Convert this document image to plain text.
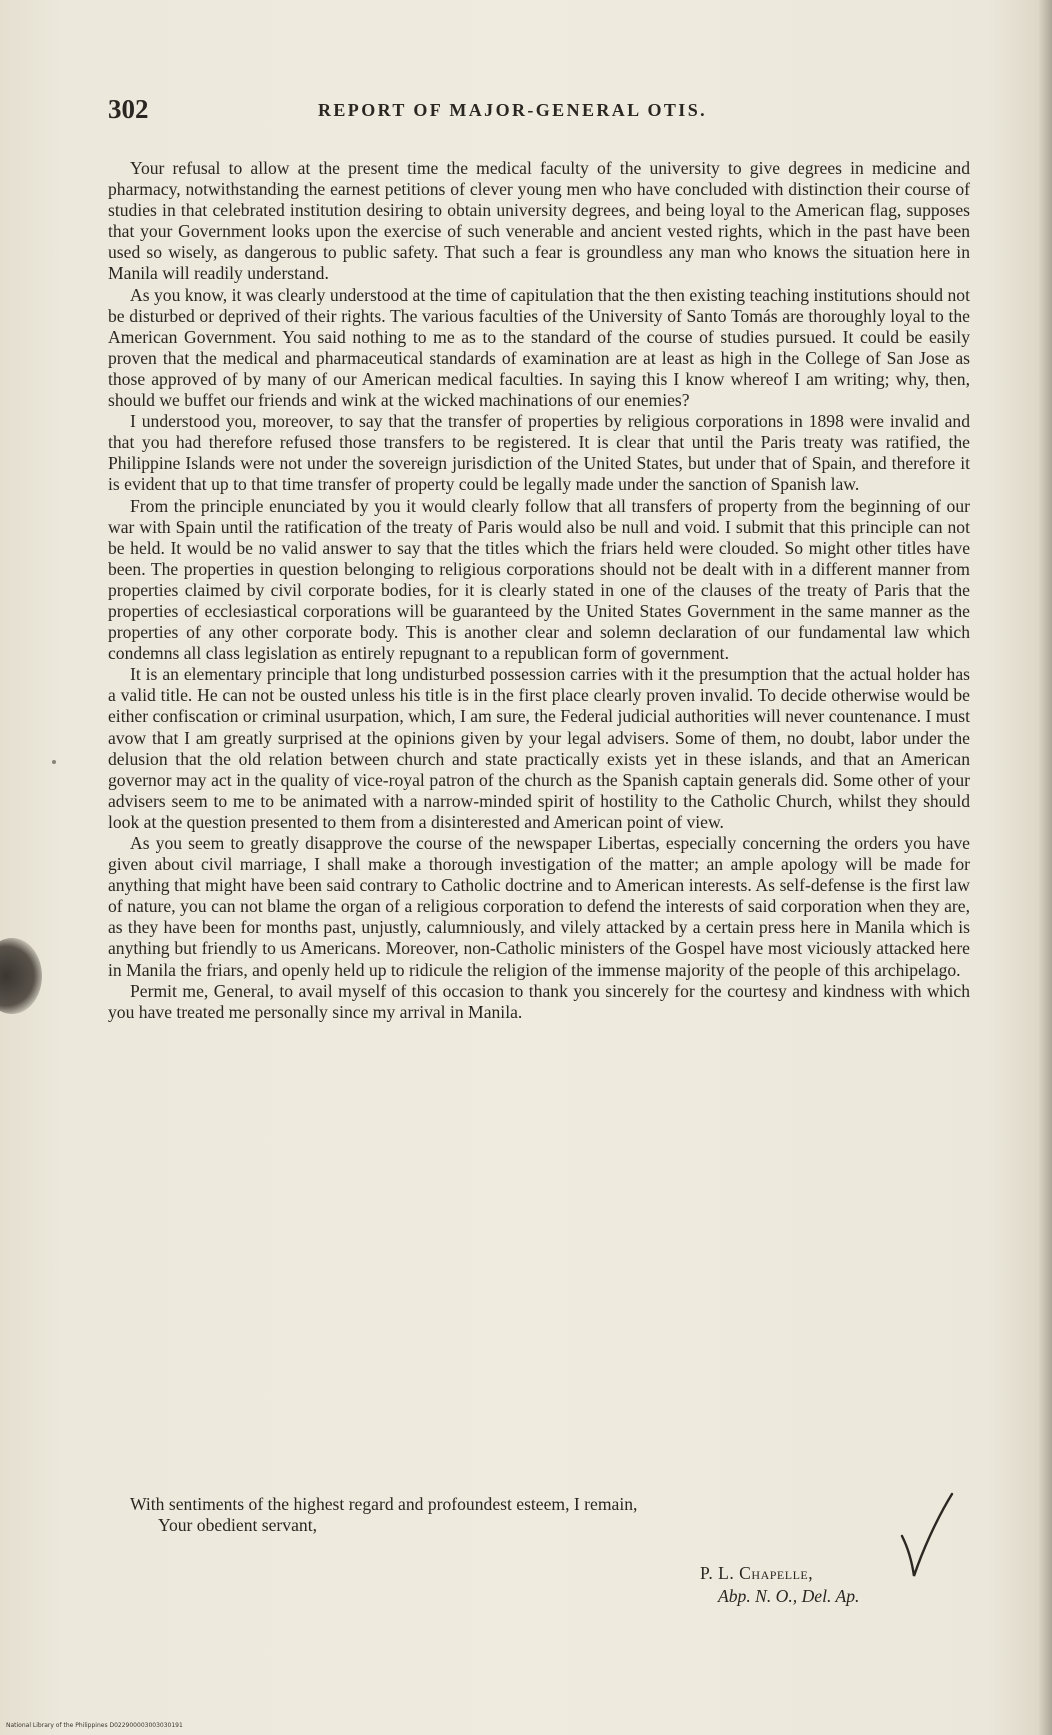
302	REPORT OF MAJOR-GENERAL OTIS.

Your refusal to allow at the present time the medical faculty of the university to give degrees in medicine and pharmacy, notwithstanding the earnest petitions of clever young men who have concluded with distinction their course of studies in that celebrated institution desiring to obtain university degrees, and being loyal to the American flag, supposes that your Government looks upon the exercise of such venerable and ancient vested rights, which in the past have been used so wisely, as dangerous to public safety. That such a fear is groundless any man who knows the situation here in Manila will readily understand.

As you know, it was clearly understood at the time of capitulation that the then existing teaching institutions should not be disturbed or deprived of their rights. The various faculties of the University of Santo Tomás are thoroughly loyal to the American Government. You said nothing to me as to the standard of the course of studies pursued. It could be easily proven that the medical and pharmaceutical standards of examination are at least as high in the College of San Jose as those approved of by many of our American medical faculties. In saying this I know whereof I am writing; why, then, should we buffet our friends and wink at the wicked machinations of our enemies?

I understood you, moreover, to say that the transfer of properties by religious corporations in 1898 were invalid and that you had therefore refused those transfers to be registered. It is clear that until the Paris treaty was ratified, the Philippine Islands were not under the sovereign jurisdiction of the United States, but under that of Spain, and therefore it is evident that up to that time transfer of property could be legally made under the sanction of Spanish law.

From the principle enunciated by you it would clearly follow that all transfers of property from the beginning of our war with Spain until the ratification of the treaty of Paris would also be null and void. I submit that this principle can not be held. It would be no valid answer to say that the titles which the friars held were clouded. So might other titles have been. The properties in question belonging to religious corporations should not be dealt with in a different manner from properties claimed by civil corporate bodies, for it is clearly stated in one of the clauses of the treaty of Paris that the properties of ecclesiastical corporations will be guaranteed by the United States Government in the same manner as the properties of any other corporate body. This is another clear and solemn declaration of our fundamental law which condemns all class legislation as entirely repugnant to a republican form of government.

It is an elementary principle that long undisturbed possession carries with it the presumption that the actual holder has a valid title. He can not be ousted unless his title is in the first place clearly proven invalid. To decide otherwise would be either confiscation or criminal usurpation, which, I am sure, the Federal judicial authorities will never countenance. I must avow that I am greatly surprised at the opinions given by your legal advisers. Some of them, no doubt, labor under the delusion that the old relation between church and state practically exists yet in these islands, and that an American governor may act in the quality of vice-royal patron of the church as the Spanish captain generals did. Some other of your advisers seem to me to be animated with a narrow-minded spirit of hostility to the Catholic Church, whilst they should look at the question presented to them from a disinterested and American point of view.

As you seem to greatly disapprove the course of the newspaper Libertas, especially concerning the orders you have given about civil marriage, I shall make a thorough investigation of the matter; an ample apology will be made for anything that might have been said contrary to Catholic doctrine and to American interests. As self-defense is the first law of nature, you can not blame the organ of a religious corporation to defend the interests of said corporation when they are, as they have been for months past, unjustly, calumniously, and vilely attacked by a certain press here in Manila which is anything but friendly to us Americans. Moreover, non-Catholic ministers of the Gospel have most viciously attacked here in Manila the friars, and openly held up to ridicule the religion of the immense majority of the people of this archipelago.

Permit me, General, to avail myself of this occasion to thank you sincerely for the courtesy and kindness with which you have treated me personally since my arrival in Manila.

With sentiments of the highest regard and profoundest esteem, I remain,
Your obedient servant,
P. L. Chapelle,
Abp. N. O., Del. Ap.
National Library of the Philippines D022900003003030191
